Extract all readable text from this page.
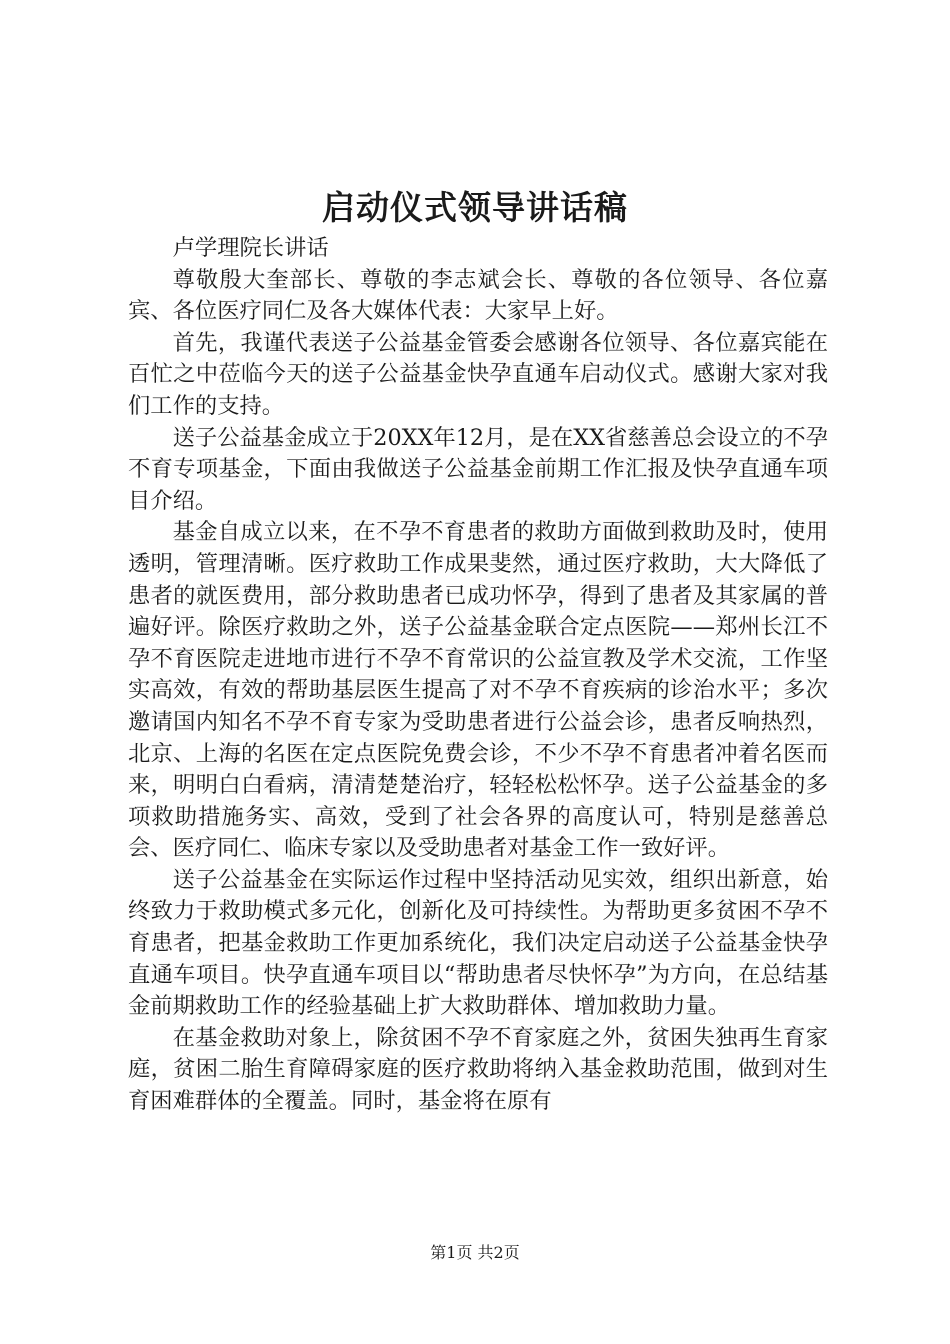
启动仪式领导讲话稿

卢学理院长讲话

尊敬殷大奎部长、尊敬的李志斌会长、尊敬的各位领导、各位嘉宾、各位医疗同仁及各大媒体代表：大家早上好。

首先，我谨代表送子公益基金管委会感谢各位领导、各位嘉宾能在百忙之中莅临今天的送子公益基金快孕直通车启动仪式。感谢大家对我们工作的支持。

送子公益基金成立于20XX年12月，是在XX省慈善总会设立的不孕不育专项基金，下面由我做送子公益基金前期工作汇报及快孕直通车项目介绍。

基金自成立以来，在不孕不育患者的救助方面做到救助及时，使用透明，管理清晰。医疗救助工作成果斐然，通过医疗救助，大大降低了患者的就医费用，部分救助患者已成功怀孕，得到了患者及其家属的普遍好评。除医疗救助之外，送子公益基金联合定点医院——郑州长江不孕不育医院走进地市进行不孕不育常识的公益宣教及学术交流，工作坚实高效，有效的帮助基层医生提高了对不孕不育疾病的诊治水平；多次邀请国内知名不孕不育专家为受助患者进行公益会诊，患者反响热烈，北京、上海的名医在定点医院免费会诊，不少不孕不育患者冲着名医而来，明明白白看病，清清楚楚治疗，轻轻松松怀孕。送子公益基金的多项救助措施务实、高效，受到了社会各界的高度认可，特别是慈善总会、医疗同仁、临床专家以及受助患者对基金工作一致好评。

送子公益基金在实际运作过程中坚持活动见实效，组织出新意，始终致力于救助模式多元化，创新化及可持续性。为帮助更多贫困不孕不育患者，把基金救助工作更加系统化，我们决定启动送子公益基金快孕直通车项目。快孕直通车项目以“帮助患者尽快怀孕”为方向，在总结基金前期救助工作的经验基础上扩大救助群体、增加救助力量。

在基金救助对象上，除贫困不孕不育家庭之外，贫困失独再生育家庭，贫困二胎生育障碍家庭的医疗救助将纳入基金救助范围，做到对生育困难群体的全覆盖。同时，基金将在原有

第1页 共2页
